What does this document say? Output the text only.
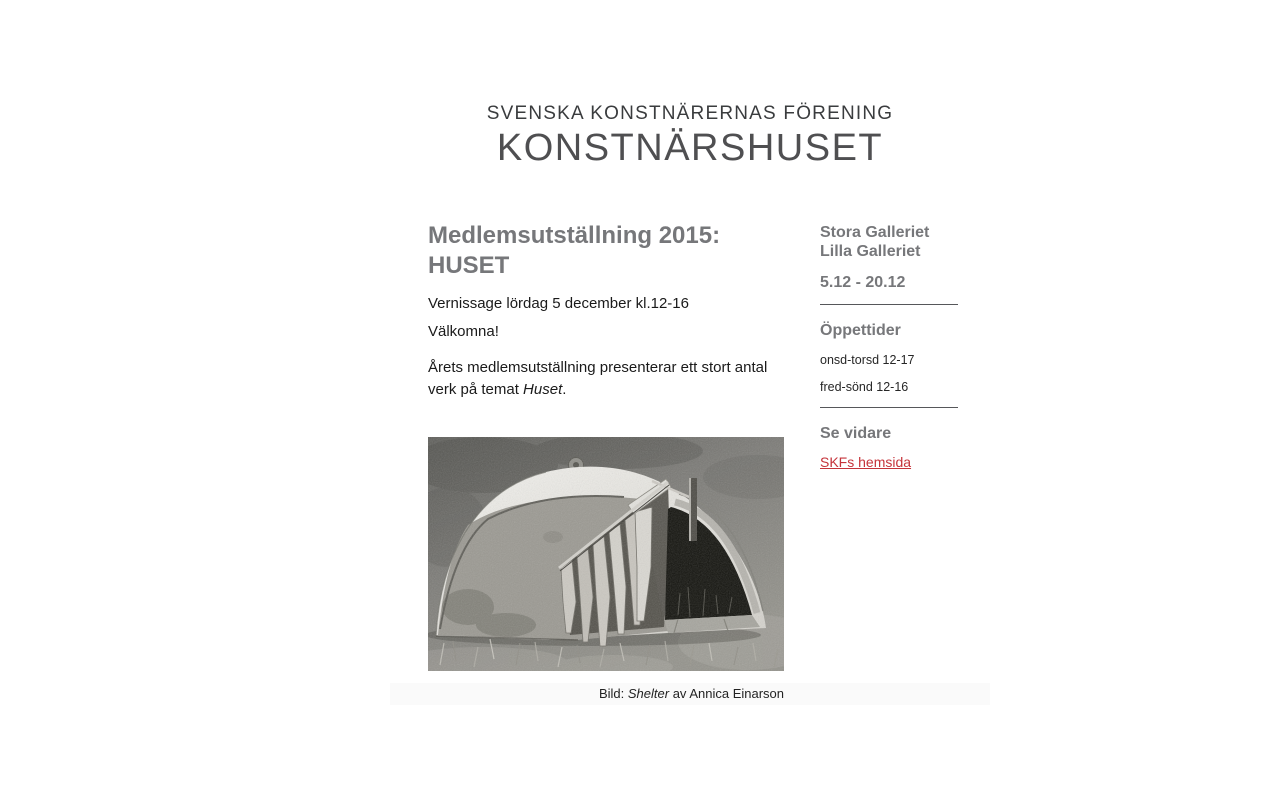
SVENSKA KONSTNÄRERNAS FÖRENING
KONSTNÄRSHUSET
Medlemsutställning 2015:
HUSET

Vernissage lördag 5 december kl.12-16

Välkomna!

Årets medlemsutställning presenterar ett stort antal verk på temat Huset.

Stora Galleriet
Lilla Galleriet

5.12 - 20.12

Öppettider

onsd-torsd 12-17

fred-sönd 12-16

Se vidare
SKFs hemsida
Bild: Shelter av Annica Einarson
